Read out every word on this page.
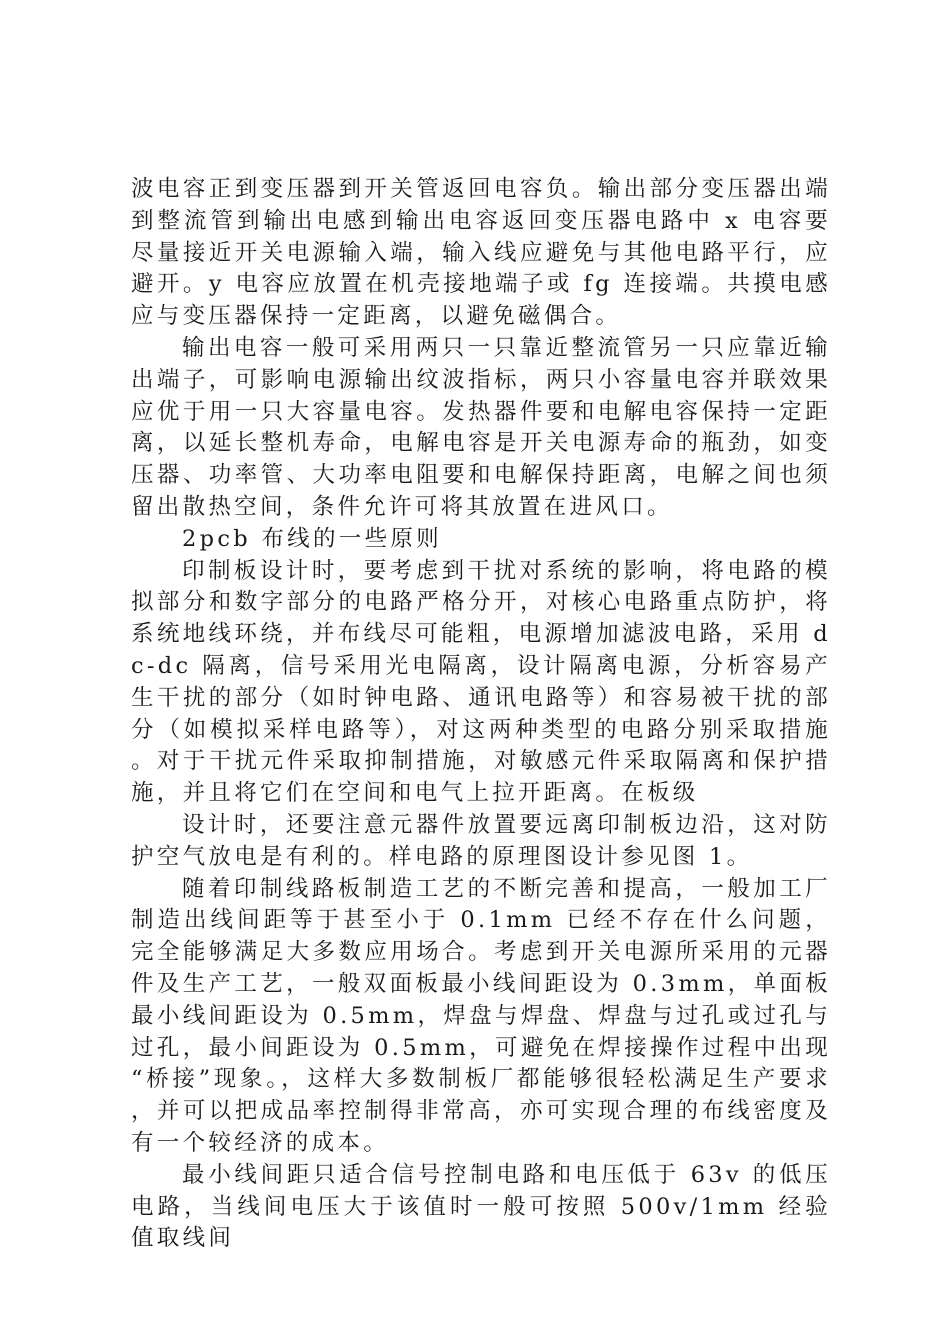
波电容正到变压器到开关管返回电容负。输出部分变压器出端到整流管到输出电感到输出电容返回变压器电路中 x 电容要尽量接近开关电源输入端，输入线应避免与其他电路平行，应避开。y 电容应放置在机壳接地端子或 fg 连接端。共摸电感应与变压器保持一定距离，以避免磁偶合。

输出电容一般可采用两只一只靠近整流管另一只应靠近输出端子，可影响电源输出纹波指标，两只小容量电容并联效果应优于用一只大容量电容。发热器件要和电解电容保持一定距离，以延长整机寿命，电解电容是开关电源寿命的瓶劲，如变压器、功率管、大功率电阻要和电解保持距离，电解之间也须留出散热空间，条件允许可将其放置在进风口。

2pcb 布线的一些原则

印制板设计时，要考虑到干扰对系统的影响，将电路的模拟部分和数字部分的电路严格分开，对核心电路重点防护，将系统地线环绕，并布线尽可能粗，电源增加滤波电路，采用 dc-dc 隔离，信号采用光电隔离，设计隔离电源，分析容易产生干扰的部分（如时钟电路、通讯电路等）和容易被干扰的部分（如模拟采样电路等），对这两种类型的电路分别采取措施。对于干扰元件采取抑制措施，对敏感元件采取隔离和保护措施，并且将它们在空间和电气上拉开距离。在板级

设计时，还要注意元器件放置要远离印制板边沿，这对防护空气放电是有利的。样电路的原理图设计参见图 1。

随着印制线路板制造工艺的不断完善和提高，一般加工厂制造出线间距等于甚至小于 0.1mm 已经不存在什么问题，完全能够满足大多数应用场合。考虑到开关电源所采用的元器件及生产工艺，一般双面板最小线间距设为 0.3mm，单面板最小线间距设为 0.5mm，焊盘与焊盘、焊盘与过孔或过孔与过孔，最小间距设为 0.5mm，可避免在焊接操作过程中出现“桥接”现象。，这样大多数制板厂都能够很轻松满足生产要求，并可以把成品率控制得非常高，亦可实现合理的布线密度及有一个较经济的成本。

最小线间距只适合信号控制电路和电压低于 63v 的低压电路，当线间电压大于该值时一般可按照 500v/1mm 经验值取线间
